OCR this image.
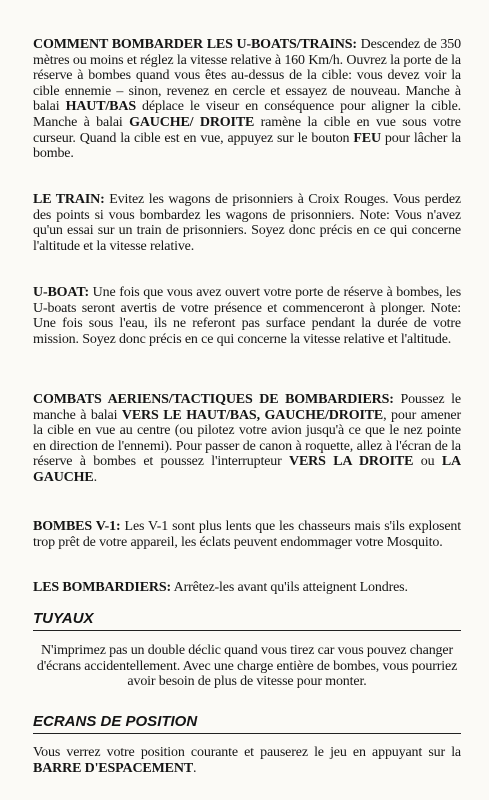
COMMENT BOMBARDER LES U-BOATS/TRAINS: Descendez de 350 mètres ou moins et réglez la vitesse relative à 160 Km/h. Ouvrez la porte de la réserve à bombes quand vous êtes au-dessus de la cible: vous devez voir la cible ennemie – sinon, revenez en cercle et essayez de nouveau. Manche à balai HAUT/BAS déplace le viseur en conséquence pour aligner la cible. Manche à balai GAUCHE/ DROITE ramène la cible en vue sous votre curseur. Quand la cible est en vue, appuyez sur le bouton FEU pour lâcher la bombe.

LE TRAIN: Evitez les wagons de prisonniers à Croix Rouges. Vous perdez des points si vous bombardez les wagons de prisonniers. Note: Vous n'avez qu'un essai sur un train de prisonniers. Soyez donc précis en ce qui concerne l'altitude et la vitesse relative.

U-BOAT: Une fois que vous avez ouvert votre porte de réserve à bombes, les U-boats seront avertis de votre présence et commenceront à plonger. Note: Une fois sous l'eau, ils ne referont pas surface pendant la durée de votre mission. Soyez donc précis en ce qui concerne la vitesse relative et l'altitude.

COMBATS AERIENS/TACTIQUES DE BOMBARDIERS: Poussez le manche à balai VERS LE HAUT/BAS, GAUCHE/DROITE, pour amener la cible en vue au centre (ou pilotez votre avion jusqu'à ce que le nez pointe en direction de l'ennemi). Pour passer de canon à roquette, allez à l'écran de la réserve à bombes et poussez l'interrupteur VERS LA DROITE ou LA GAUCHE.

BOMBES V-1: Les V-1 sont plus lents que les chasseurs mais s'ils explosent trop prêt de votre appareil, les éclats peuvent endommager votre Mosquito.

LES BOMBARDIERS: Arrêtez-les avant qu'ils atteignent Londres.

TUYAUX

N'imprimez pas un double déclic quand vous tirez car vous pouvez changer d'écrans accidentellement. Avec une charge entière de bombes, vous pourriez avoir besoin de plus de vitesse pour monter.

ECRANS DE POSITION

Vous verrez votre position courante et pauserez le jeu en appuyant sur la BARRE D'ESPACEMENT.
